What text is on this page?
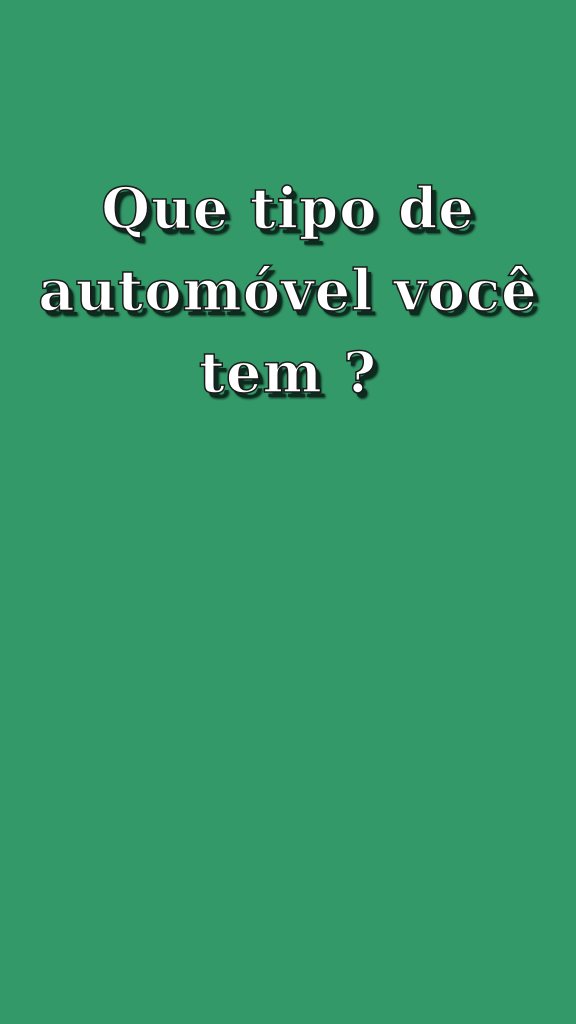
Que tipo de
automóvel você
tem ?
